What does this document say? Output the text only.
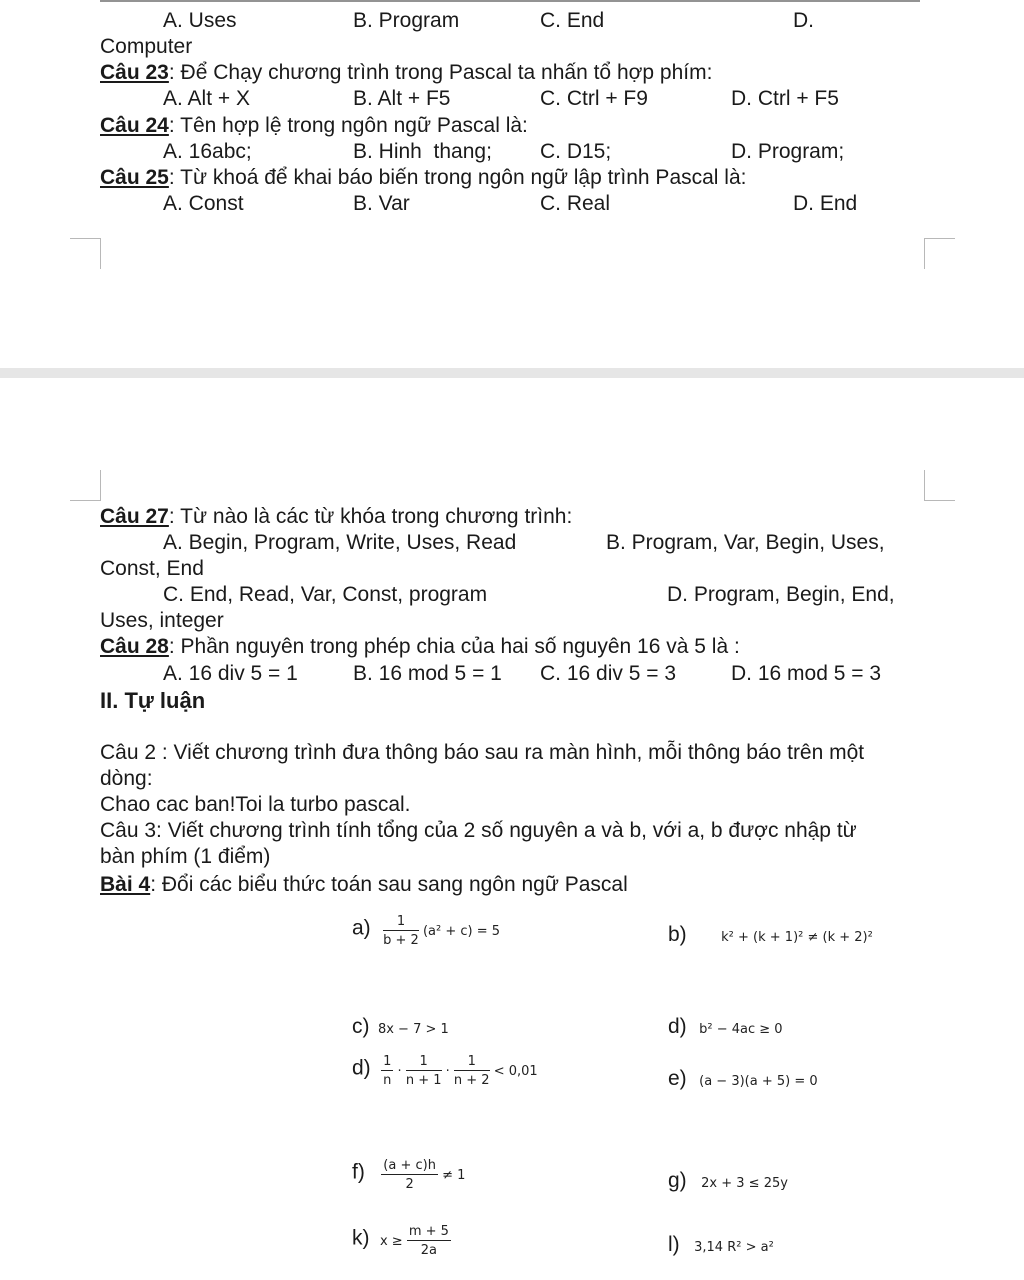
A. Uses	B. Program	C. End	D.
Computer
Câu 23: Để Chạy chương trình trong Pascal ta nhấn tổ hợp phím:
A. Alt + X	B. Alt + F5	C. Ctrl + F9	D. Ctrl + F5
Câu 24: Tên hợp lệ trong ngôn ngữ Pascal là:
A. 16abc;	B. Hinh  thang; C. D15;	D. Program;
Câu 25: Từ khoá để khai báo biến trong ngôn ngữ lập trình Pascal là:
A. Const	B. Var	C. Real	D. End
Câu 27: Từ nào là các từ khóa trong chương trình:
A. Begin, Program, Write, Uses, Read	B. Program, Var, Begin, Uses,
Const, End
C. End, Read, Var, Const, program	D. Program, Begin, End,
Uses, integer
Câu 28: Phần nguyên trong phép chia của hai số nguyên 16 và 5 là :
A. 16 div 5 = 1	B. 16 mod 5 = 1 C. 16 div 5 = 3	D. 16 mod 5 = 3
II. Tự luận
Câu 2 : Viết chương trình đưa thông báo sau ra màn hình, mỗi thông báo trên một
dòng:
Chao cac ban!Toi la turbo pascal.
Câu 3: Viết chương trình tính tổng của 2 số nguyên a và b, với a, b được nhập từ
bàn phím (1 điểm)
Bài 4: Đổi các biểu thức toán sau sang ngôn ngữ Pascal
$a) \frac{1}{b + 2} (a^2 + c) = 5$	b)	k² + (k + 1)² ≠ (k + 2)²
c) 8x − 7 > 1	d) b² − 4ac ≥ 0
$d) \frac{1}{n} \cdot \frac{1}{n + 1} \cdot \frac{1}{n + 2} < 0,01$	e) (a − 3)(a + 5) = 0
$f) \frac{(a + c)h}{2} \ne 1$	g) 2x + 3 ≤ 25y
k) $x \ge \frac{m + 5}{2a}$	l) 3,14 R² > a²
